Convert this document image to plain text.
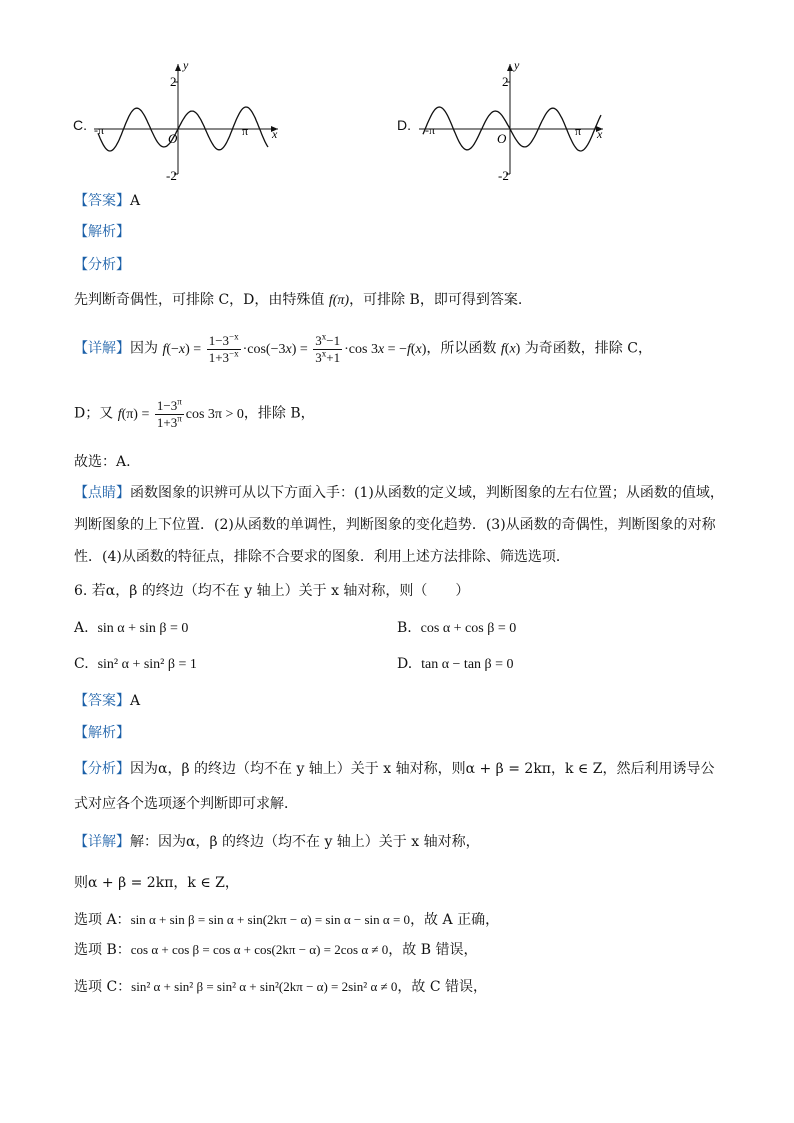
C.
y
2
x
O
-π	π
-2
D.
y
2
x
O
-π	π
-2
【答案】A
【解析】
【分析】
先判断奇偶性，可排除 C，D，由特殊值 f(π)，可排除 B，即可得到答案.
【详解】因为 $f(-x) = \frac{1-3^{-x}}{1+3^{-x}} \cdot\cos(-3x) = \frac{3^x-1}{3^x+1} \cdot\cos$ 3x = −f(x)，所以函数 f(x) 为奇函数，排除 C，
D；又 $f(\pi) = \frac{1-3^\pi}{1+3^\pi}$ cos 3π > 0，排除 B，
故选：A.
【点睛】函数图象的识辨可从以下方面入手：(1)从函数的定义域，判断图象的左右位置；从函数的值域，
判断图象的上下位置．(2)从函数的单调性，判断图象的变化趋势．(3)从函数的奇偶性，判断图象的对称
性．(4)从函数的特征点，排除不合要求的图象．利用上述方法排除、筛选选项．
6. 若α，β 的终边（均不在 y 轴上）关于 x 轴对称，则（　　）
A. sin α + sin β = 0	B. cos α + cos β = 0
C. sin² α + sin² β = 1	D. tan α − tan β = 0
【答案】A
【解析】
【分析】因为α，β 的终边（均不在 y 轴上）关于 x 轴对称，则α + β = 2kπ，k ∈ Z，然后利用诱导公
式对应各个选项逐个判断即可求解．
【详解】解：因为α，β 的终边（均不在 y 轴上）关于 x 轴对称，
则α + β = 2kπ，k ∈ Z，
选项 A：sin α + sin β = sin α + sin(2kπ − α) = sin α − sin α = 0，故 A 正确，
选项 B：cos α + cos β = cos α + cos(2kπ − α) = 2cos α ≠ 0，故 B 错误，
选项 C：sin² α + sin² β = sin² α + sin²(2kπ − α) = 2sin² α ≠ 0，故 C 错误，
